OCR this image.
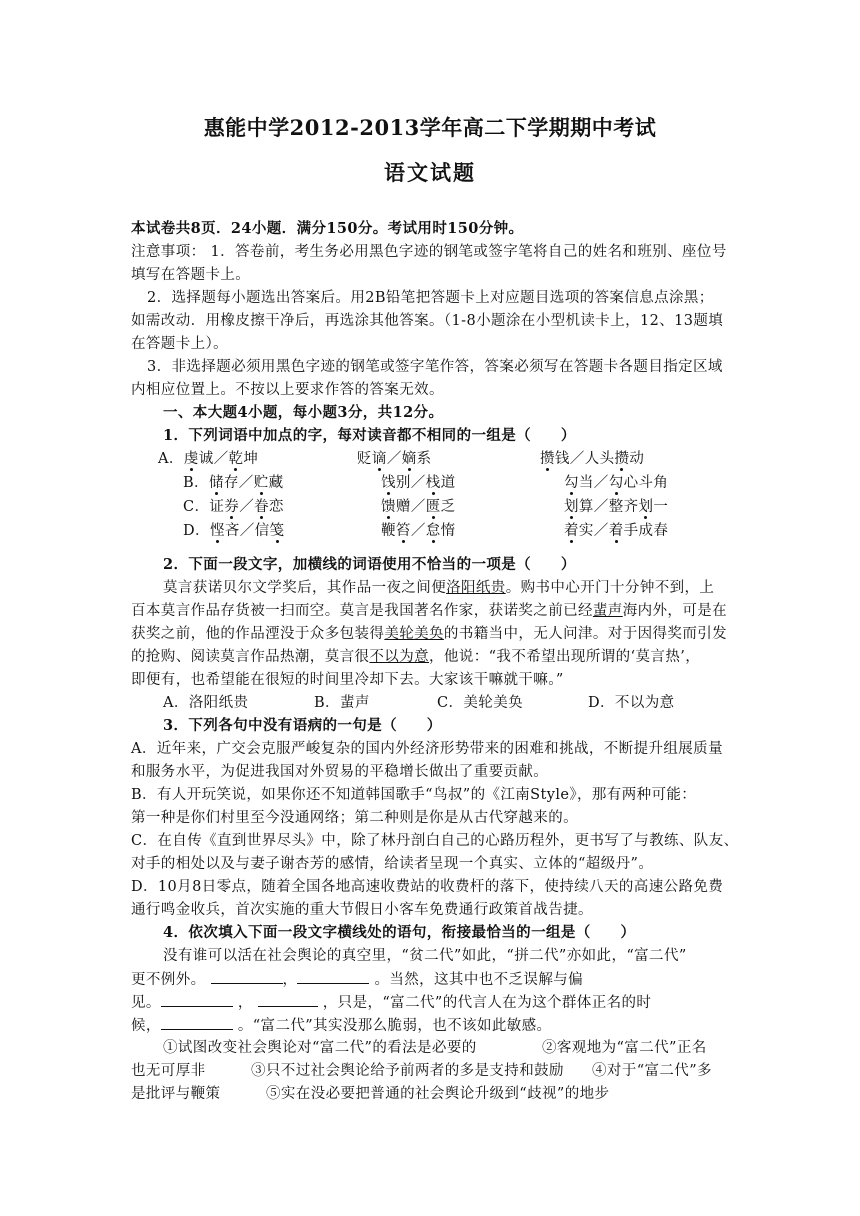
惠能中学2012-2013学年高二下学期期中考试
语文试题
本试卷共8页．24小题．满分150分。考试用时150分钟。
注意事项： 1．答卷前，考生务必用黑色字迹的钢笔或签字笔将自己的姓名和班别、座位号
填写在答题卡上。
2．选择题每小题选出答案后。用2B铅笔把答题卡上对应题目选项的答案信息点涂黑；
如需改动．用橡皮擦干净后，再选涂其他答案。（1-8小题涂在小型机读卡上，12、13题填
在答题卡上）。
3．非选择题必须用黑色字迹的钢笔或签字笔作答，答案必须写在答题卡各题目指定区域
内相应位置上。不按以上要求作答的答案无效。
一、本大题4小题，每小题3分，共12分。
1．下列词语中加点的字，每对读音都不相同的一组是（　　）
A．虔诚／乾坤	贬谪／嫡系	攒钱／人头攒动
B．储存／贮藏	饯别／栈道	勾当／勾心斗角
C．证券／眷恋	馈赠／匮乏	划算／整齐划一
D．悭吝／信笺	鞭笞／怠惰	着实／着手成春
2．下面一段文字，加横线的词语使用不恰当的一项是（　　）
莫言获诺贝尔文学奖后，其作品一夜之间便洛阳纸贵。购书中心开门十分钟不到，上
百本莫言作品存货被一扫而空。莫言是我国著名作家，获诺奖之前已经蜚声海内外，可是在
获奖之前，他的作品湮没于众多包装得美轮美奂的书籍当中，无人问津。对于因得奖而引发
的抢购、阅读莫言作品热潮，莫言很不以为意，他说：“我不希望出现所谓的‘莫言热’，
即便有，也希望能在很短的时间里冷却下去。大家该干嘛就干嘛。”
A．洛阳纸贵	B．蜚声	C．美轮美奂	D．不以为意
3．下列各句中没有语病的一句是（　　）
A．近年来，广交会克服严峻复杂的国内外经济形势带来的困难和挑战，不断提升组展质量
和服务水平，为促进我国对外贸易的平稳增长做出了重要贡献。
B．有人开玩笑说，如果你还不知道韩国歌手“鸟叔”的《江南Style》，那有两种可能：
第一种是你们村里至今没通网络；第二种则是你是从古代穿越来的。
C．在自传《直到世界尽头》中，除了林丹剖白自己的心路历程外，更书写了与教练、队友、
对手的相处以及与妻子谢杏芳的感情，给读者呈现一个真实、立体的“超级丹”。
D．10月8日零点，随着全国各地高速收费站的收费杆的落下，使持续八天的高速公路免费
通行鸣金收兵，首次实施的重大节假日小客车免费通行政策首战告捷。
4．依次填入下面一段文字横线处的语句，衔接最恰当的一组是（　　）
没有谁可以活在社会舆论的真空里，“贫二代”如此，“拼二代”亦如此，“富二代”
更不例外。	，	。当然，这其中也不乏误解与偏
见。	，	，只是，“富二代”的代言人在为这个群体正名的时
候，	。“富二代”其实没那么脆弱，也不该如此敏感。
①试图改变社会舆论对“富二代”的看法是必要的	②客观地为“富二代”正名
也无可厚非	③只不过社会舆论给予前两者的多是支持和鼓励 ④对于“富二代”多
是批评与鞭策	⑤实在没必要把普通的社会舆论升级到“歧视”的地步
